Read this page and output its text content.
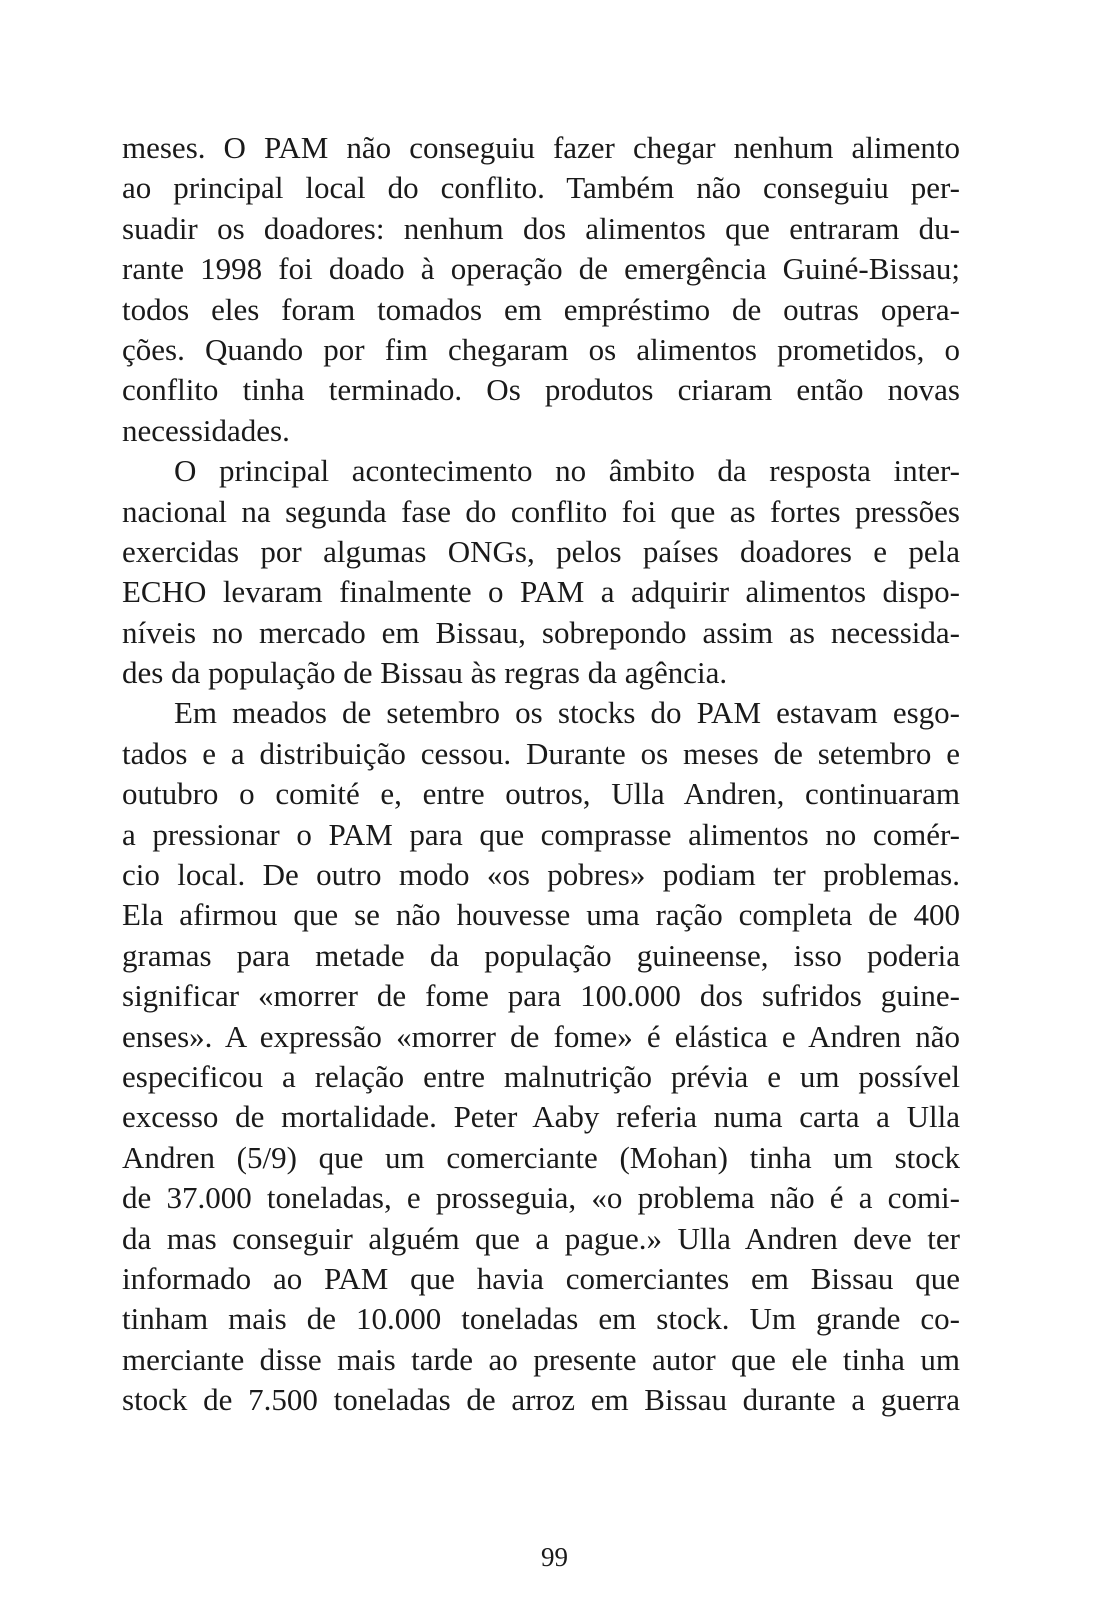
meses. O PAM não conseguiu fazer chegar nenhum alimento
ao principal local do conflito. Também não conseguiu per-
suadir os doadores: nenhum dos alimentos que entraram du-
rante 1998 foi doado à operação de emergência Guiné-Bissau;
todos eles foram tomados em empréstimo de outras opera-
ções. Quando por fim chegaram os alimentos prometidos, o
conflito tinha terminado. Os produtos criaram então novas
necessidades.
O principal acontecimento no âmbito da resposta inter-
nacional na segunda fase do conflito foi que as fortes pressões
exercidas por algumas ONGs, pelos países doadores e pela
ECHO levaram finalmente o PAM a adquirir alimentos dispo-
níveis no mercado em Bissau, sobrepondo assim as necessida-
des da população de Bissau às regras da agência.
Em meados de setembro os stocks do PAM estavam esgo-
tados e a distribuição cessou. Durante os meses de setembro e
outubro o comité e, entre outros, Ulla Andren, continuaram
a pressionar o PAM para que comprasse alimentos no comér-
cio local. De outro modo «os pobres» podiam ter problemas.
Ela afirmou que se não houvesse uma ração completa de 400
gramas para metade da população guineense, isso poderia
significar «morrer de fome para 100.000 dos sufridos guine-
enses». A expressão «morrer de fome» é elástica e Andren não
especificou a relação entre malnutrição prévia e um possível
excesso de mortalidade. Peter Aaby referia numa carta a Ulla
Andren (5/9) que um comerciante (Mohan) tinha um stock
de 37.000 toneladas, e prosseguia, «o problema não é a comi-
da mas conseguir alguém que a pague.» Ulla Andren deve ter
informado ao PAM que havia comerciantes em Bissau que
tinham mais de 10.000 toneladas em stock. Um grande co-
merciante disse mais tarde ao presente autor que ele tinha um
stock de 7.500 toneladas de arroz em Bissau durante a guerra
99
